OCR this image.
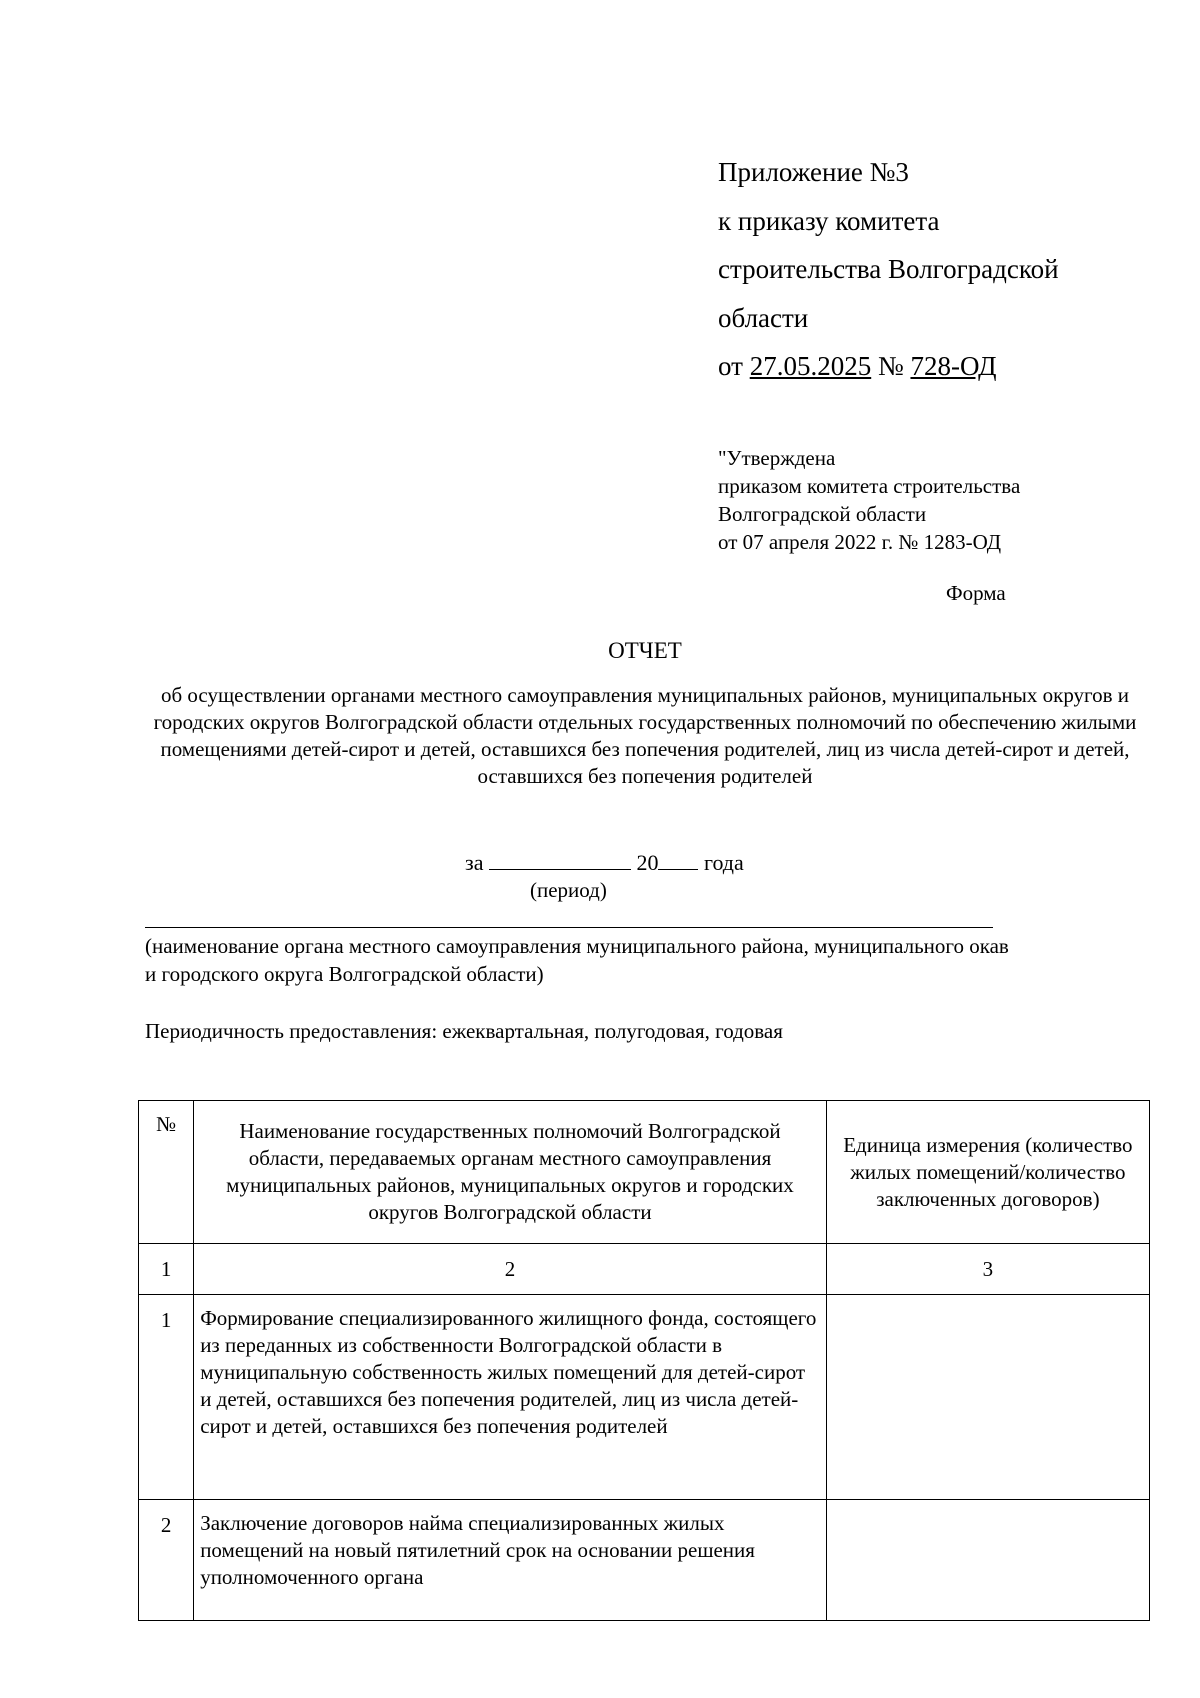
Приложение №3
к приказу комитета
строительства Волгоградской
области
от 27.05.2025 № 728-ОД
"Утверждена
приказом комитета строительства
Волгоградской области
от 07 апреля 2022 г. № 1283-ОД
Форма
ОТЧЕТ
об осуществлении органами местного самоуправления муниципальных районов, муниципальных округов и городских округов Волгоградской области отдельных государственных полномочий по обеспечению жилыми помещениями детей-сирот и детей, оставшихся без попечения родителей, лиц из числа детей-сирот и детей, оставшихся без попечения родителей
за	20 года
(период)
(наименование органа местного самоуправления муниципального района, муниципального окав
и городского округа Волгоградской области)
Периодичность предоставления: ежеквартальная, полугодовая, годовая
№	Наименование государственных полномочий Волгоградской области, передаваемых органам местного самоуправления муниципальных районов, муниципальных округов и городских округов Волгоградской области	Единица измерения (количество жилых помещений/количество заключенных договоров)
1	2	3
1	Формирование специализированного жилищного фонда, состоящего из переданных из собственности Волгоградской области в муниципальную собственность жилых помещений для детей-сирот и детей, оставшихся без попечения родителей, лиц из числа детей-сирот и детей, оставшихся без попечения родителей	
2	Заключение договоров найма специализированных жилых помещений на новый пятилетний срок на основании решения уполномоченного органа	
